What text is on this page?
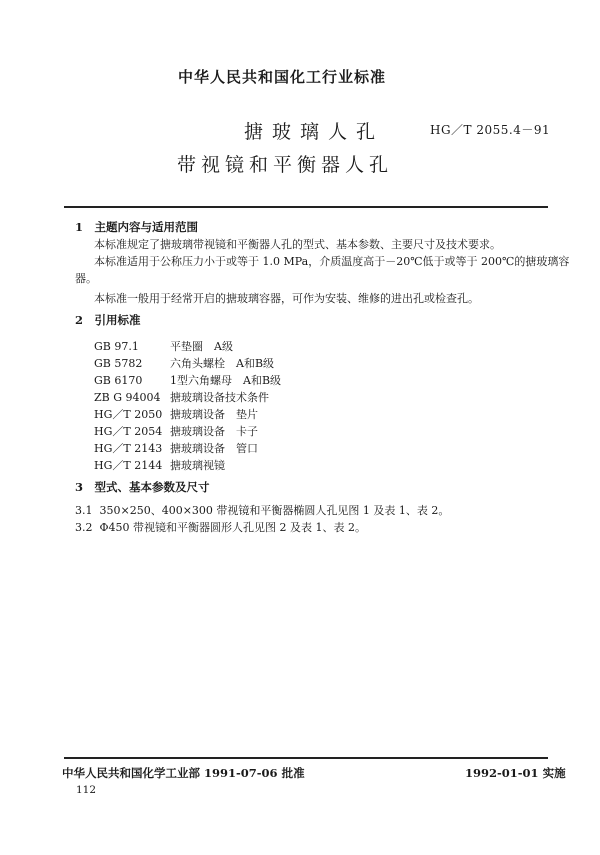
中华人民共和国化工行业标准
搪玻璃人孔	HG／T 2055.4－91
带视镜和平衡器人孔
1　主题内容与适用范围
本标准规定了搪玻璃带视镜和平衡器人孔的型式、基本参数、主要尺寸及技术要求。
本标准适用于公称压力小于或等于 1.0 MPa，介质温度高于－20℃低于或等于 200℃的搪玻璃容
器。
本标准一般用于经常开启的搪玻璃容器，可作为安装、维修的进出孔或检查孔。
2　引用标准
GB 97.1	平垫圈　A级
GB 5782	六角头螺栓　A和B级
GB 6170	1型六角螺母　A和B级
ZB G 94004 搪玻璃设备技术条件
HG／T 2050 搪玻璃设备　垫片
HG／T 2054 搪玻璃设备　卡子
HG／T 2143 搪玻璃设备　管口
HG／T 2144 搪玻璃视镜
3　型式、基本参数及尺寸
3.1 350×250、400×300 带视镜和平衡器椭圆人孔见图 1 及表 1、表 2。
3.2 Φ450 带视镜和平衡器圆形人孔见图 2 及表 1、表 2。
中华人民共和国化学工业部 1991-07-06 批准	1992-01-01 实施
112
